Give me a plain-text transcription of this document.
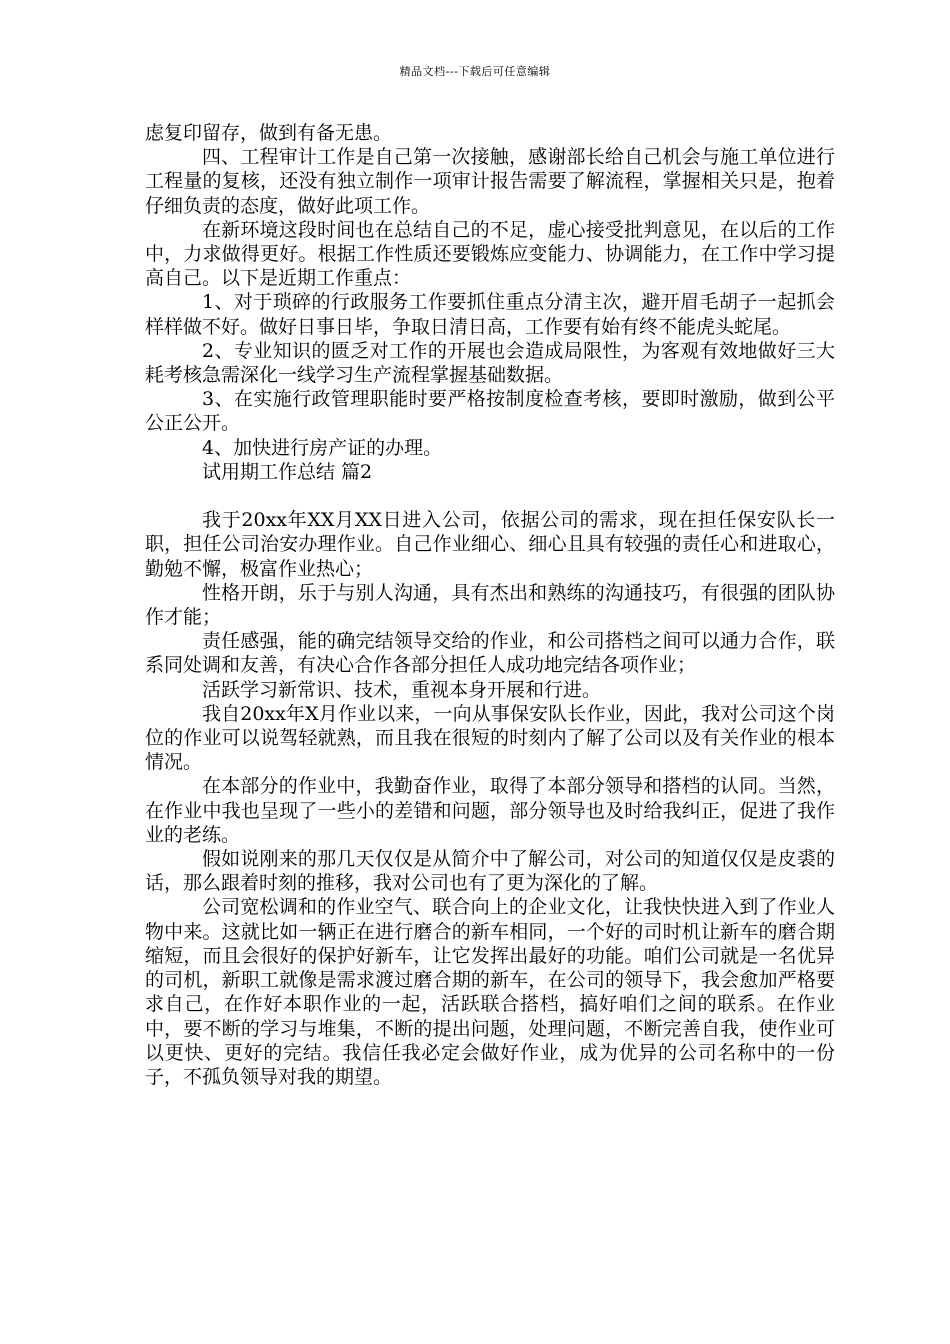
精品文档---下载后可任意编辑

虑复印留存，做到有备无患。

四、工程审计工作是自己第一次接触，感谢部长给自己机会与施工单位进行工程量的复核，还没有独立制作一项审计报告需要了解流程，掌握相关只是，抱着仔细负责的态度，做好此项工作。

在新环境这段时间也在总结自己的不足，虚心接受批判意见，在以后的工作中，力求做得更好。根据工作性质还要锻炼应变能力、协调能力，在工作中学习提高自己。以下是近期工作重点：

1、对于琐碎的行政服务工作要抓住重点分清主次，避开眉毛胡子一起抓会样样做不好。做好日事日毕，争取日清日高，工作要有始有终不能虎头蛇尾。

2、专业知识的匮乏对工作的开展也会造成局限性，为客观有效地做好三大耗考核急需深化一线学习生产流程掌握基础数据。

3、在实施行政管理职能时要严格按制度检查考核，要即时激励，做到公平公正公开。

4、加快进行房产证的办理。

试用期工作总结 篇2

我于20xx年XX月XX日进入公司，依据公司的需求，现在担任保安队长一职，担任公司治安办理作业。自己作业细心、细心且具有较强的责任心和进取心，勤勉不懈，极富作业热心；

性格开朗，乐于与别人沟通，具有杰出和熟练的沟通技巧，有很强的团队协作才能；

责任感强，能的确完结领导交给的作业，和公司搭档之间可以通力合作，联系同处调和友善，有决心合作各部分担任人成功地完结各项作业；

活跃学习新常识、技术，重视本身开展和行进。

我自20xx年X月作业以来，一向从事保安队长作业，因此，我对公司这个岗位的作业可以说驾轻就熟，而且我在很短的时刻内了解了公司以及有关作业的根本情况。

在本部分的作业中，我勤奋作业，取得了本部分领导和搭档的认同。当然，在作业中我也呈现了一些小的差错和问题，部分领导也及时给我纠正，促进了我作业的老练。

假如说刚来的那几天仅仅是从简介中了解公司，对公司的知道仅仅是皮裘的话，那么跟着时刻的推移，我对公司也有了更为深化的了解。

公司宽松调和的作业空气、联合向上的企业文化，让我快快进入到了作业人物中来。这就比如一辆正在进行磨合的新车相同，一个好的司时机让新车的磨合期缩短，而且会很好的保护好新车，让它发挥出最好的功能。咱们公司就是一名优异的司机，新职工就像是需求渡过磨合期的新车，在公司的领导下，我会愈加严格要求自己，在作好本职作业的一起，活跃联合搭档，搞好咱们之间的联系。在作业中，要不断的学习与堆集，不断的提出问题，处理问题，不断完善自我，使作业可以更快、更好的完结。我信任我必定会做好作业，成为优异的公司名称中的一份子，不孤负领导对我的期望。
